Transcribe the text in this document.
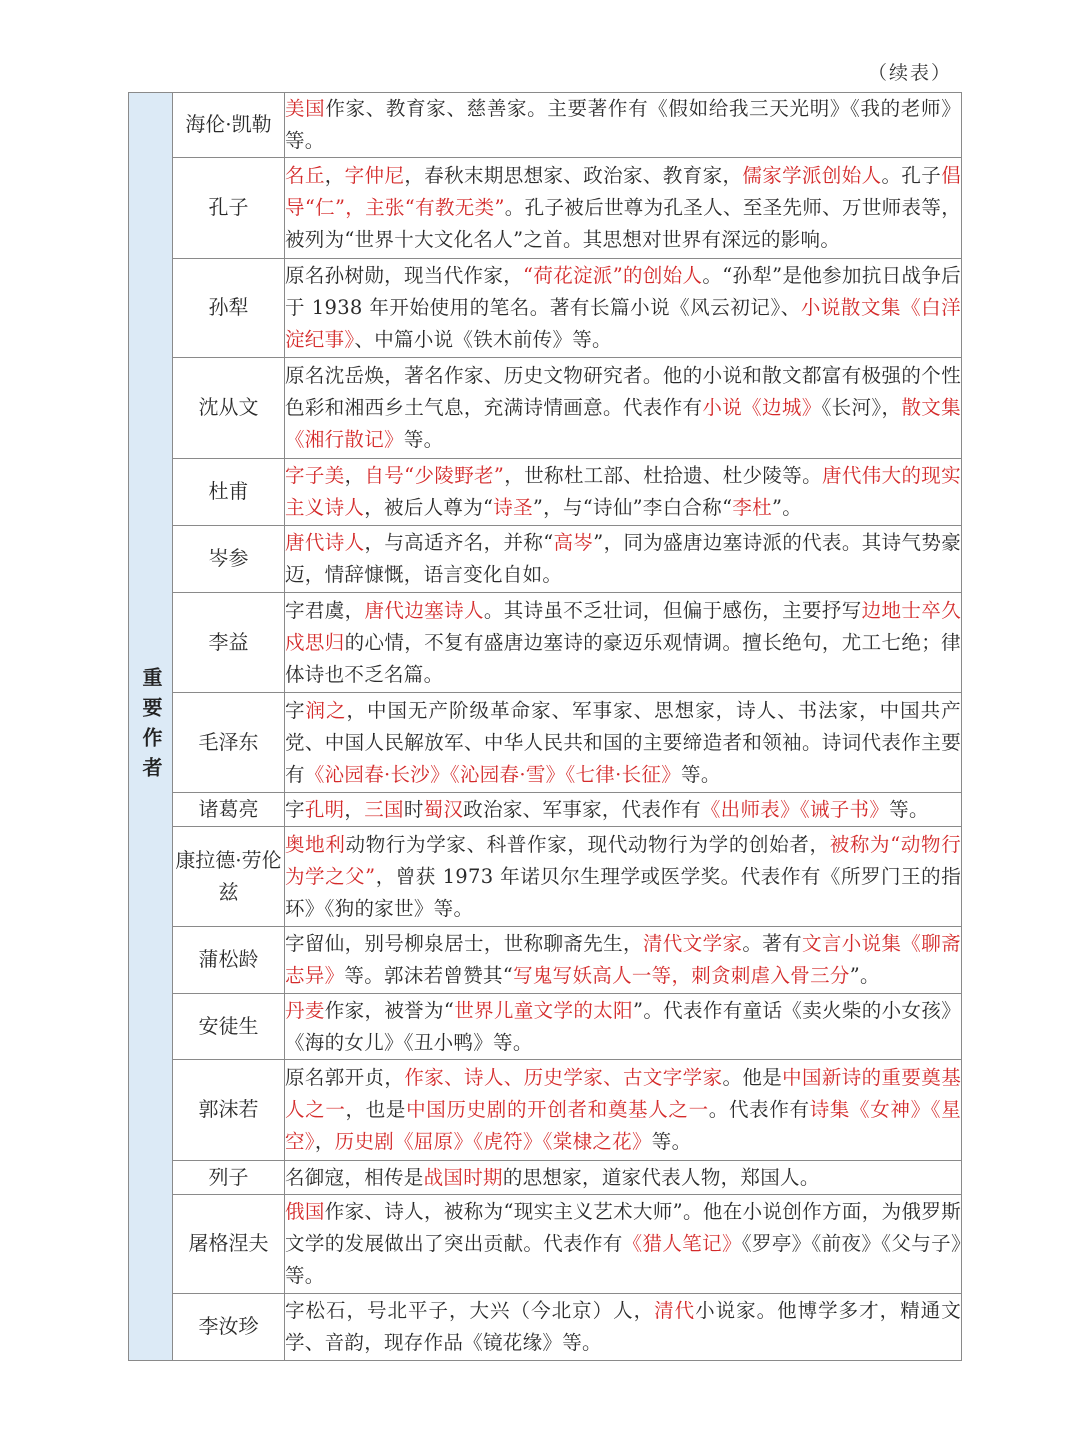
（续表）
重要作者	海伦·凯勒	美国作家、教育家、慈善家。主要著作有《假如给我三天光明》《我的老师》等。
	孔子	名丘，字仲尼，春秋末期思想家、政治家、教育家，儒家学派创始人。孔子倡导“仁”，主张“有教无类”。孔子被后世尊为孔圣人、至圣先师、万世师表等，被列为“世界十大文化名人”之首。其思想对世界有深远的影响。
	孙犁	原名孙树勋，现当代作家，“荷花淀派”的创始人。“孙犁”是他参加抗日战争后于 1938 年开始使用的笔名。著有长篇小说《风云初记》、小说散文集《白洋淀纪事》、中篇小说《铁木前传》等。
	沈从文	原名沈岳焕，著名作家、历史文物研究者。他的小说和散文都富有极强的个性色彩和湘西乡土气息，充满诗情画意。代表作有小说《边城》《长河》，散文集《湘行散记》等。
	杜甫	字子美，自号“少陵野老”，世称杜工部、杜拾遗、杜少陵等。唐代伟大的现实主义诗人，被后人尊为“诗圣”，与“诗仙”李白合称“李杜”。
	岑参	唐代诗人，与高适齐名，并称“高岑”，同为盛唐边塞诗派的代表。其诗气势豪迈，情辞慷慨，语言变化自如。
	李益	字君虞，唐代边塞诗人。其诗虽不乏壮词，但偏于感伤，主要抒写边地士卒久戍思归的心情，不复有盛唐边塞诗的豪迈乐观情调。擅长绝句，尤工七绝；律体诗也不乏名篇。
	毛泽东	字润之，中国无产阶级革命家、军事家、思想家，诗人、书法家，中国共产党、中国人民解放军、中华人民共和国的主要缔造者和领袖。诗词代表作主要有《沁园春·长沙》《沁园春·雪》《七律·长征》等。
	诸葛亮	字孔明，三国时蜀汉政治家、军事家，代表作有《出师表》《诫子书》等。
	康拉德·劳伦兹	奥地利动物行为学家、科普作家，现代动物行为学的创始者，被称为“动物行为学之父”，曾获 1973 年诺贝尔生理学或医学奖。代表作有《所罗门王的指环》《狗的家世》等。
	蒲松龄	字留仙，别号柳泉居士，世称聊斋先生，清代文学家。著有文言小说集《聊斋志异》等。郭沫若曾赞其“写鬼写妖高人一等，刺贪刺虐入骨三分”。
	安徒生	丹麦作家，被誉为“世界儿童文学的太阳”。代表作有童话《卖火柴的小女孩》《海的女儿》《丑小鸭》等。
	郭沫若	原名郭开贞，作家、诗人、历史学家、古文字学家。他是中国新诗的重要奠基人之一，也是中国历史剧的开创者和奠基人之一。代表作有诗集《女神》《星空》，历史剧《屈原》《虎符》《棠棣之花》等。
	列子	名御寇，相传是战国时期的思想家，道家代表人物，郑国人。
	屠格涅夫	俄国作家、诗人，被称为“现实主义艺术大师”。他在小说创作方面，为俄罗斯文学的发展做出了突出贡献。代表作有《猎人笔记》《罗亭》《前夜》《父与子》等。
	李汝珍	字松石，号北平子，大兴（今北京）人，清代小说家。他博学多才，精通文学、音韵，现存作品《镜花缘》等。
